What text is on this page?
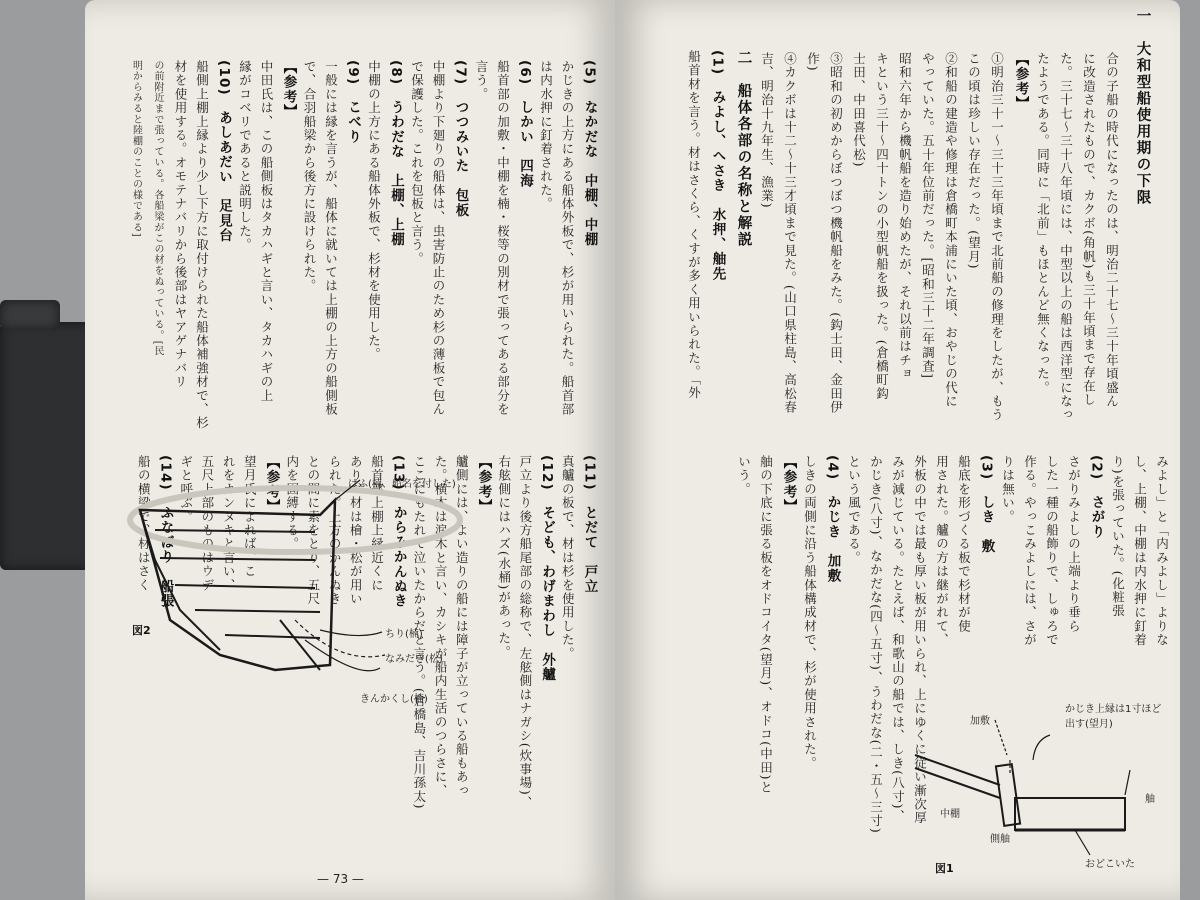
(5)　なかだな　中棚、中棚
かじきの上方にある船体外板で、杉が用いられた。船首部
は内水押に釘着された。
(6)　しかい　四海
船首部の加敷・中棚を楠・桜等の別材で張ってある部分を
言う。
(7)　つつみいた　包板
中棚より下廻りの船体は、虫害防止のため杉の薄板で包ん
で保護した。これを包板と言う。
(8)　うわだな　上棚、上棚
中棚の上方にある船体外板で、杉材を使用した。
(9)　こべり
一般には縁を言うが、船体に就いては上棚の上方の船側板
で、合羽船梁から後方に設けられた。
【参考】
中田氏は、この船側板はタカハギと言い、タカハギの上
縁がコベリであると説明した。
(10)　あしあだい　足見台
船側上棚上縁より少し下方に取付けられた船体補強材で、杉
材を使用する。オモテナバリから後部はヤアゲナバリ
の前附近まで張っている。各船梁がこの材をぬっている。[民
明からみると陸棚のことの様である]
(11)　とだて　戸立
真艫の板で、材は杉を使用した。
(12)　そども、わげまわし　外艫
戸立より後方船尾部の総称で、左舷側はナガシ(炊事場)、
右舷側にはハズ(水桶)があった。
【参考】
艫側には、よい造りの船には障子が立っている船もあっ
た。横木は涙木と言い、カシキが船内生活のつらさに、
ここにもたれて泣いたからだと言う。(倉橋島、吉川孫太)
(13)　からみかんぬき
船首部上棚上縁近くに
あり、材は檜・松が用い
られた。上方のかんぬき
との間に索をとり、五尺
内を固縛する。
【参考】
望月氏によれば、こ
れをカンヌキと言い、
五尺上部のものはウデ
ギと呼ぶ。
(14)　ふなばり　船張
船の横梁で、材はさく	はふ(楠、船名を付した)
ちり(楠)
なみだき(松)
きんかくし(楠)
図2
— 73 —
一　大和型船使用期の下限
合の子船の時代になったのは、明治二十七〜三十年頃盛ん
に改造されたもので、カクボ(角帆)も三十年頃まで存在し
た。三十七〜三十八年頃には、中型以上の船は西洋型になっ
たようである。同時に「北前」もほとんど無くなった。
【参考】
①明治三十一〜三十三年頃まで北前船の修理をしたが、もう
この頃は珍しい存在だった。(望月)
②和船の建造や修理は倉橋町本浦にいた頃、おやじの代に
やっていた。五十年位前だった。[昭和三十二年調査]
昭和六年から機帆船を造り始めたが、それ以前はチョ
キという三十〜四十トンの小型帆船を扱った。(倉橋町鈎
士田、中田喜代松)
③昭和の初めからぼつぼつ機帆船をみた。(鈎士田、金田伊
作)
④カクボは十二〜十三才頃まで見た。(山口県柱島、高松春
吉、明治十九年生、漁業)
二　船体各部の名称と解説
(1)　みよし、へさき　水押、舳先
船首材を言う。材はさくら、くすが多く用いられた。「外
みよし」と「内みよし」よりな
し、上棚、中棚は内水押に釘着
り)を張っていた。(化粧張
(2)　さがり
さがりみよしの上端より垂ら
した一種の船飾りで、しゅろで
作る。やっこみよしには、さが
りは無い。
(3)　しき　敷
船底を形づくる板で杉材が使
用された。艫の方は継がれて、
外板の中では最も厚い板が用いられ、上にゆくに従い漸次厚
みが減じている。たとえば、和歌山の船では、しき(八寸)、
かじき(八寸)、なかだな(四〜五寸)、うわだな(二・五〜三寸)
という風である。
(4)　かじき　加敷
しきの両側に沿う船体構成材で、杉が使用された。
【参考】
舳の下底に張る板をオドコイタ(望月)、オドコ(中田)と
いう。
かじき上縁は1寸ほど出す(望月)
加敷
中棚
側舳
舳
おどこいた
図1
